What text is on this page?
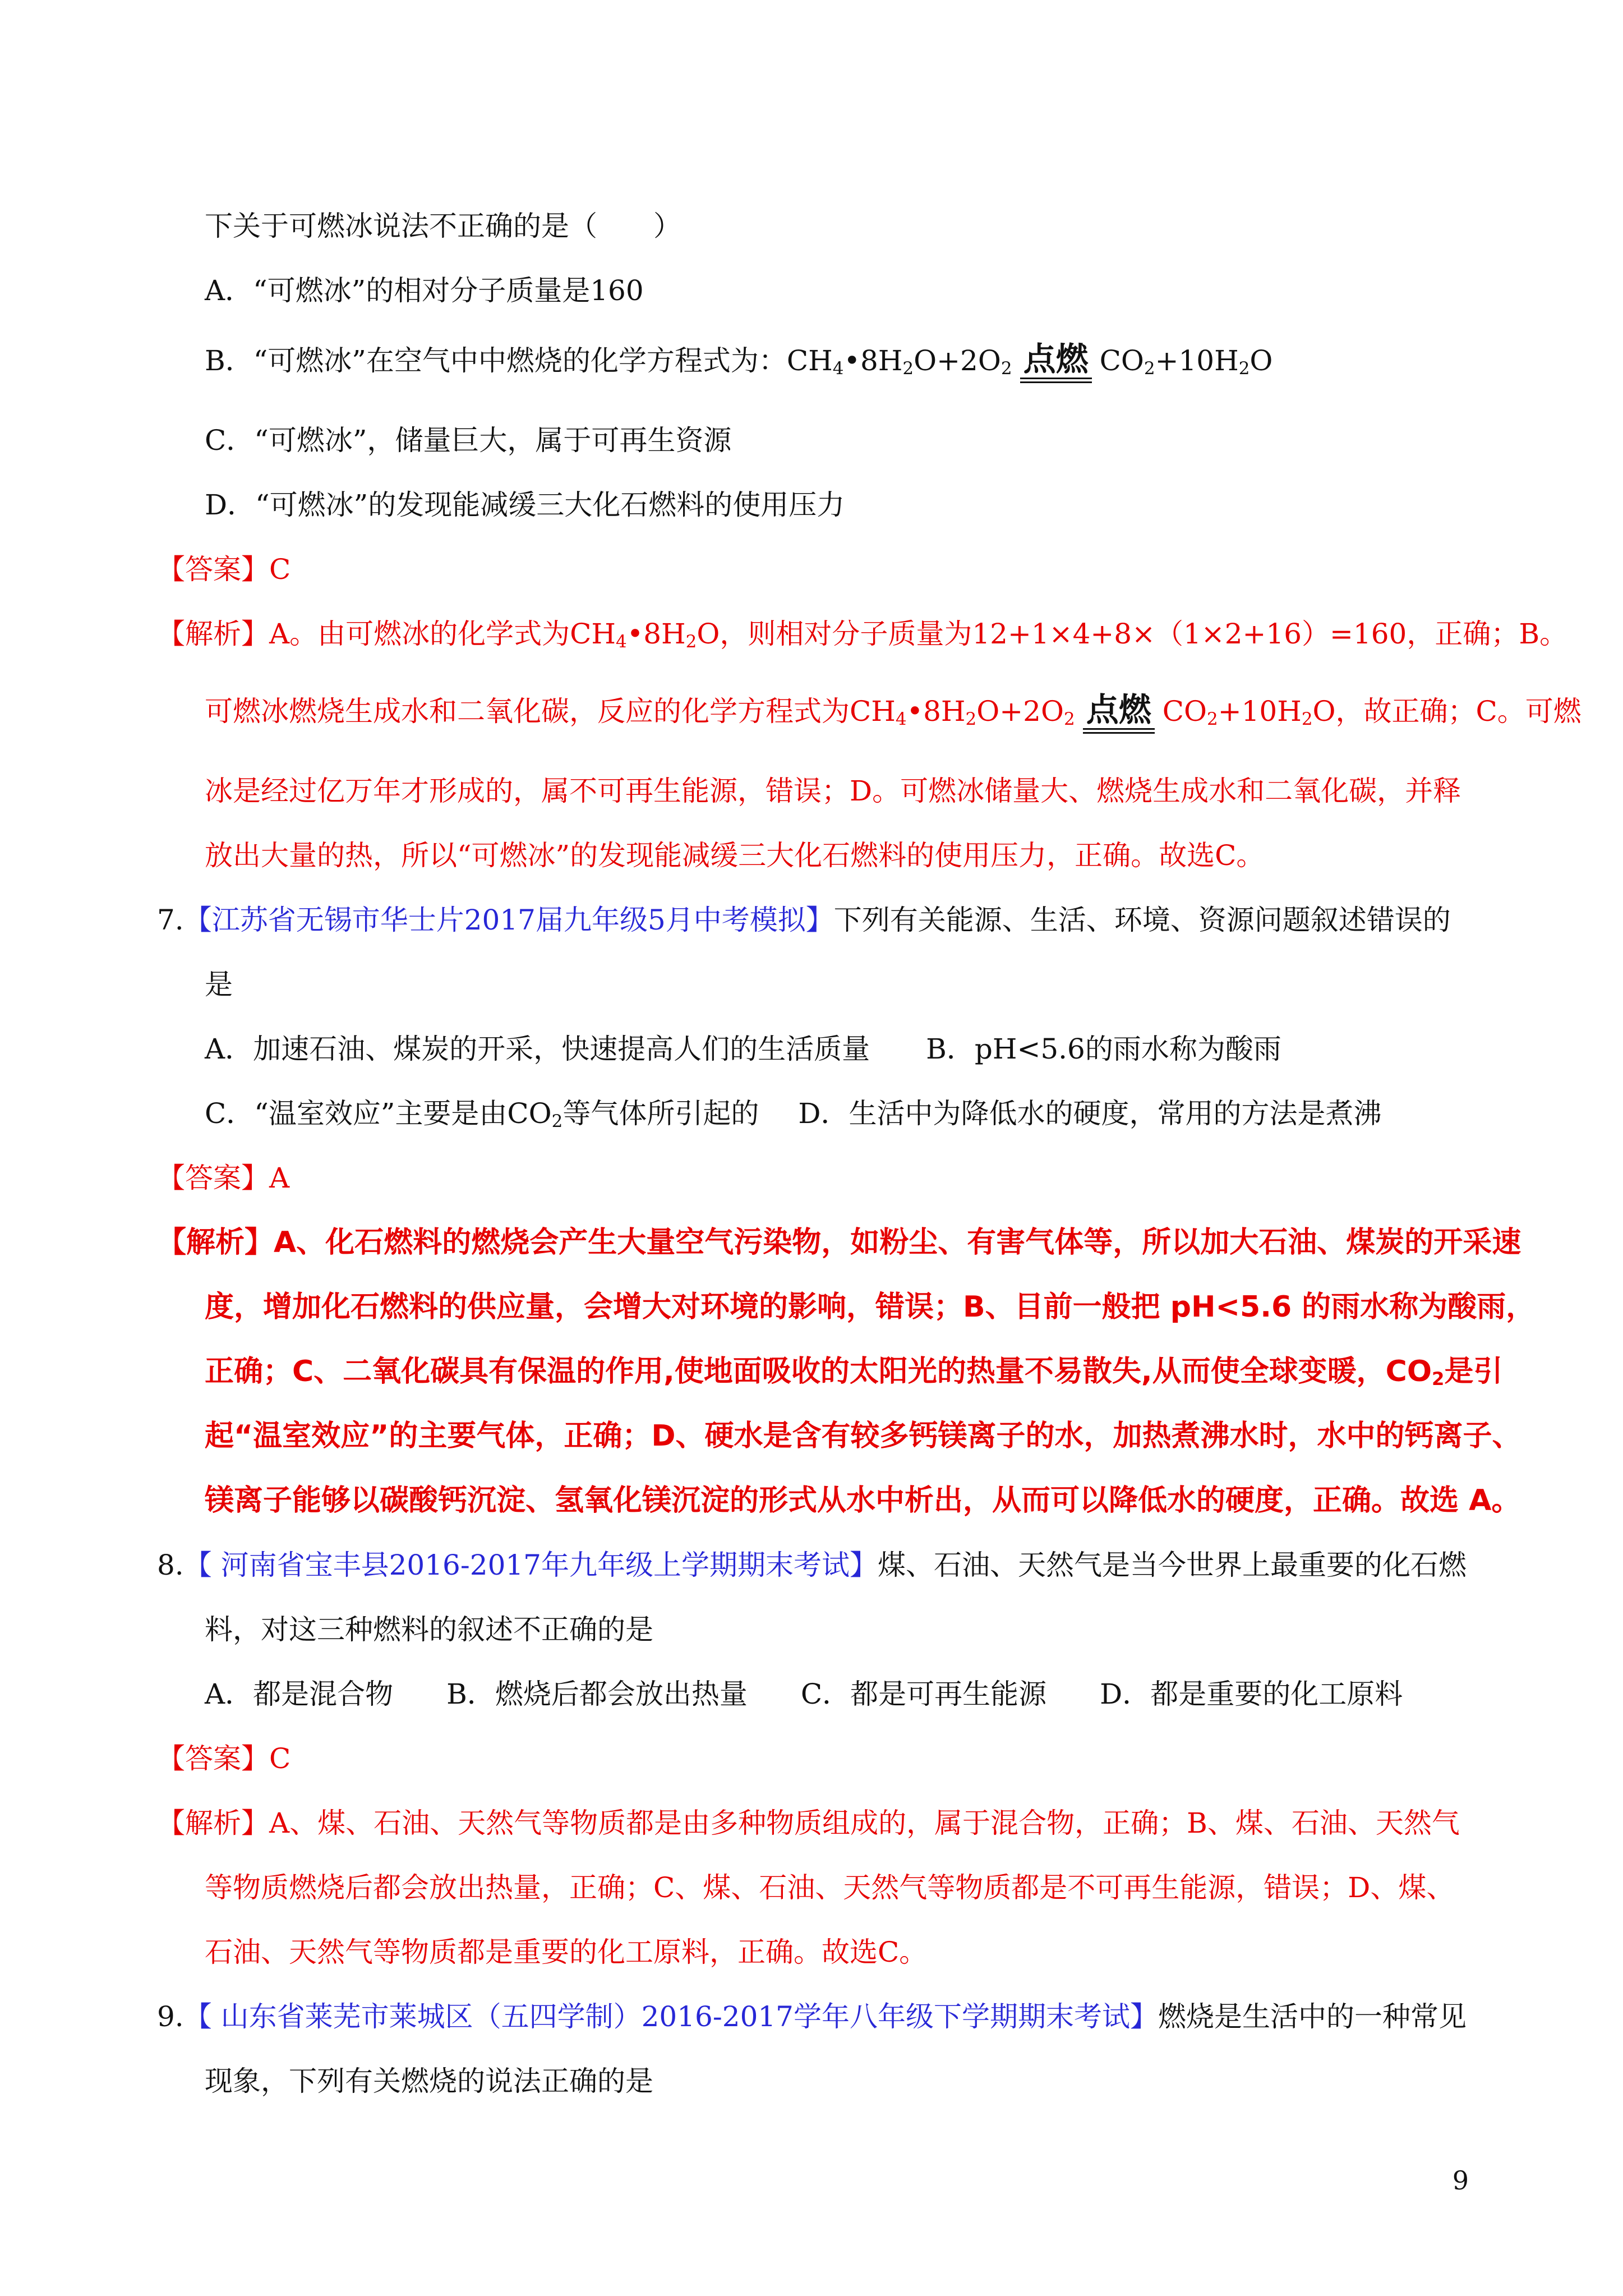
下关于可燃冰说法不正确的是（　　）
A．“可燃冰”的相对分子质量是160
B．“可燃冰”在空气中中燃烧的化学方程式为：$CH_4•8H_2O+2O_2$ 点燃 $CO_2+10H_2O$
C．“可燃冰”，储量巨大，属于可再生资源
D．“可燃冰”的发现能减缓三大化石燃料的使用压力
【答案】C
【解析】A。由可燃冰的化学式为$CH_4•8H_2O$，则相对分子质量为12+1×4+8×（1×2+16）=160，正确；B。
可燃冰燃烧生成水和二氧化碳，反应的化学方程式为$CH_4•8H_2O+2O_2$ 点燃 $CO_2+10H_2O$，故正确；C。可燃
冰是经过亿万年才形成的，属不可再生能源，错误；D。可燃冰储量大、燃烧生成水和二氧化碳，并释
放出大量的热，所以“可燃冰”的发现能减缓三大化石燃料的使用压力，正确。故选C。
7.【江苏省无锡市华士片2017届九年级5月中考模拟】下列有关能源、生活、环境、资源问题叙述错误的
是
A．加速石油、煤炭的开采，快速提高人们的生活质量 B．pH<5.6的雨水称为酸雨
C．“温室效应”主要是由$CO_2$等气体所引起的 D．生活中为降低水的硬度，常用的方法是煮沸
【答案】A
【解析】A、化石燃料的燃烧会产生大量空气污染物，如粉尘、有害气体等，所以加大石油、煤炭的开采速
度，增加化石燃料的供应量，会增大对环境的影响，错误；B、目前一般把 pH<5.6 的雨水称为酸雨，
正确；C、二氧化碳具有保温的作用,使地面吸收的太阳光的热量不易散失,从而使全球变暖，$CO_2$是引
起“温室效应”的主要气体，正确；D、硬水是含有较多钙镁离子的水，加热煮沸水时，水中的钙离子、
镁离子能够以碳酸钙沉淀、氢氧化镁沉淀的形式从水中析出，从而可以降低水的硬度，正确。故选 A。
8.【 河南省宝丰县2016-2017年九年级上学期期末考试】煤、石油、天然气是当今世界上最重要的化石燃
料，对这三种燃料的叙述不正确的是
A．都是混合物 B．燃烧后都会放出热量 C．都是可再生能源 D．都是重要的化工原料
【答案】C
【解析】A、煤、石油、天然气等物质都是由多种物质组成的，属于混合物，正确；B、煤、石油、天然气
等物质燃烧后都会放出热量，正确；C、煤、石油、天然气等物质都是不可再生能源，错误；D、煤、
石油、天然气等物质都是重要的化工原料，正确。故选C。
9.【 山东省莱芜市莱城区（五四学制）2016-2017学年八年级下学期期末考试】燃烧是生活中的一种常见
现象，下列有关燃烧的说法正确的是
9
